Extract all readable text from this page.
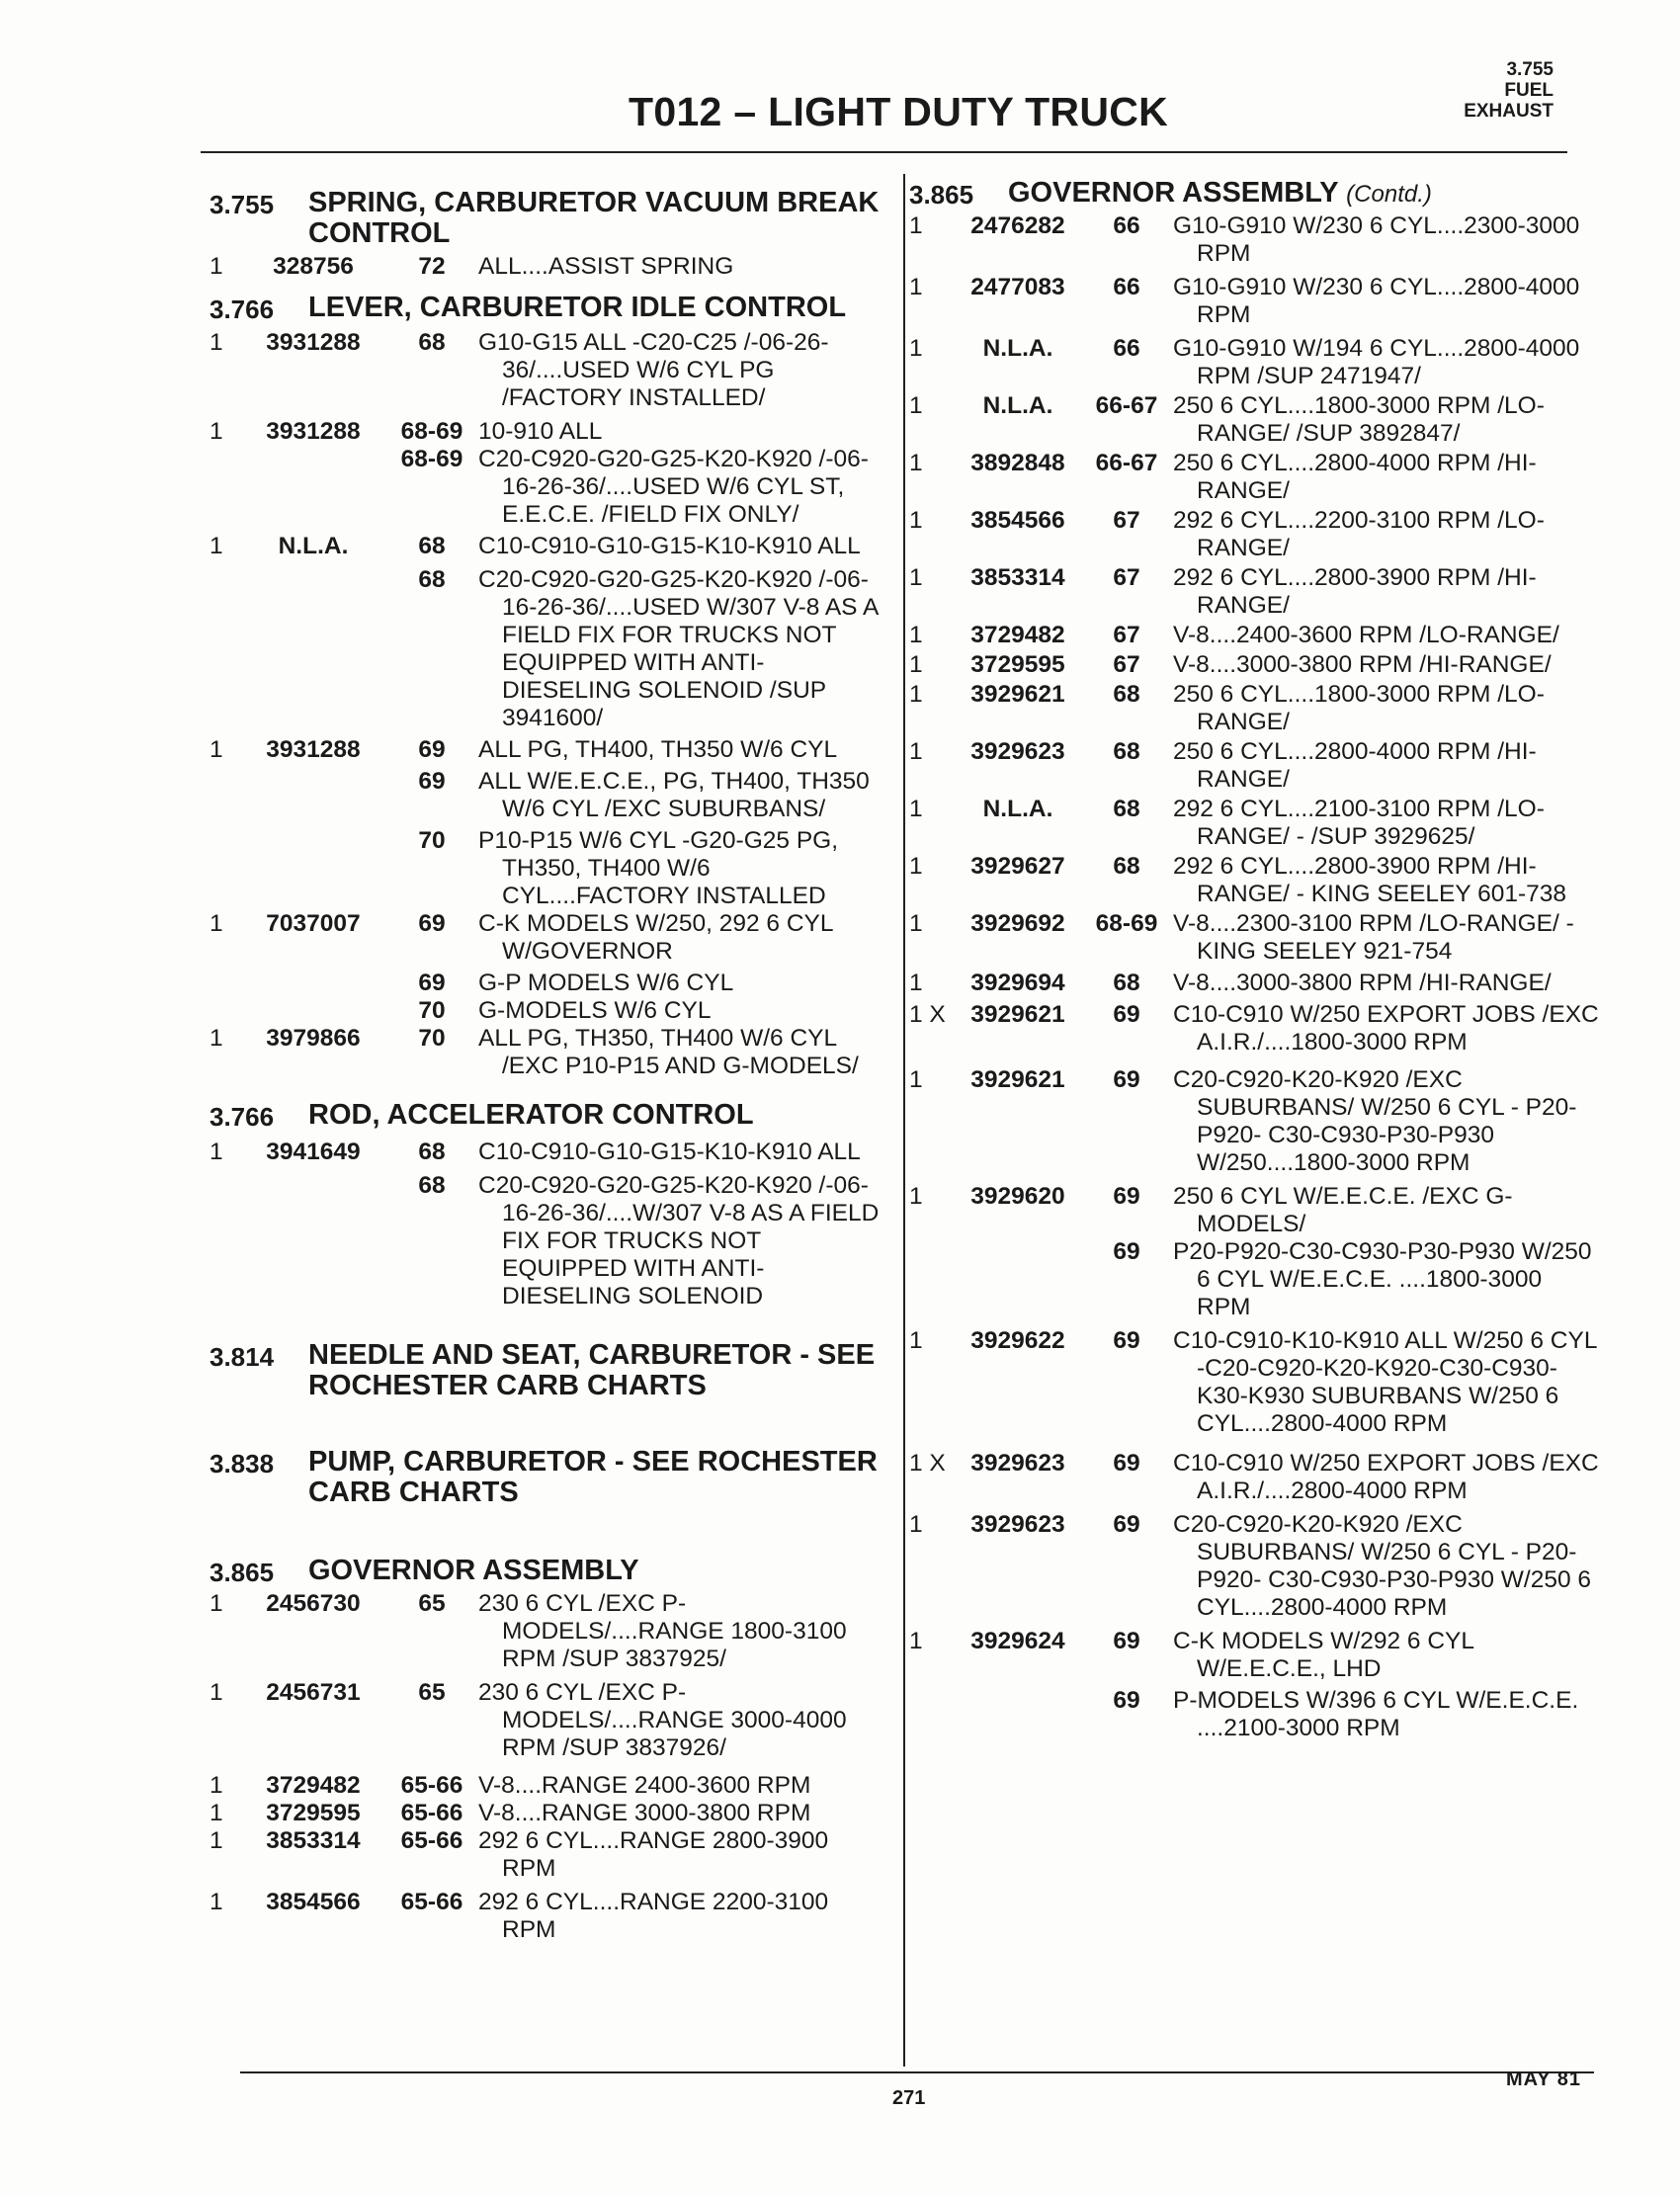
T012 – LIGHT DUTY TRUCK
3.755
FUEL
EXHAUST
3.755	SPRING, CARBURETOR VACUUM BREAK CONTROL
1	328756	72	ALL....ASSIST SPRING
3.766	LEVER, CARBURETOR IDLE CONTROL
1	3931288	68	G10-G15 ALL -C20-C25 /-06-26-36/....USED W/6 CYL PG /FACTORY INSTALLED/
1	3931288	68-69 10-910 ALL
68-69 C20-C920-G20-G25-K20-K920 /-06-16-26-36/....USED W/6 CYL ST, E.E.C.E. /FIELD FIX ONLY/
1	N.L.A.	68	C10-C910-G10-G15-K10-K910 ALL
68	C20-C920-G20-G25-K20-K920 /-06-16-26-36/....USED W/307 V-8 AS A FIELD FIX FOR TRUCKS NOT EQUIPPED WITH ANTI-DIESELING SOLENOID /SUP 3941600/
1	3931288	69	ALL PG, TH400, TH350 W/6 CYL
69	ALL W/E.E.C.E., PG, TH400, TH350 W/6 CYL /EXC SUBURBANS/
70	P10-P15 W/6 CYL -G20-G25 PG, TH350, TH400 W/6 CYL....FACTORY INSTALLED
1	7037007	69	C-K MODELS W/250, 292 6 CYL W/GOVERNOR
69	G-P MODELS W/6 CYL
70	G-MODELS W/6 CYL
1	3979866	70	ALL PG, TH350, TH400 W/6 CYL /EXC P10-P15 AND G-MODELS/
3.766	ROD, ACCELERATOR CONTROL
1	3941649	68	C10-C910-G10-G15-K10-K910 ALL
68	C20-C920-G20-G25-K20-K920 /-06-16-26-36/....W/307 V-8 AS A FIELD FIX FOR TRUCKS NOT EQUIPPED WITH ANTI-DIESELING SOLENOID
3.814	NEEDLE AND SEAT, CARBURETOR - SEE ROCHESTER CARB CHARTS
3.838	PUMP, CARBURETOR - SEE ROCHESTER CARB CHARTS
3.865	GOVERNOR ASSEMBLY
1	2456730	65	230 6 CYL /EXC P-MODELS/....RANGE 1800-3100 RPM /SUP 3837925/
1	2456731	65	230 6 CYL /EXC P-MODELS/....RANGE 3000-4000 RPM /SUP 3837926/
1	3729482	65-66 V-8....RANGE 2400-3600 RPM
1	3729595	65-66 V-8....RANGE 3000-3800 RPM
1	3853314	65-66 292 6 CYL....RANGE 2800-3900 RPM
1	3854566	65-66 292 6 CYL....RANGE 2200-3100 RPM
3.865	GOVERNOR ASSEMBLY (Contd.)
1	2476282	66	G10-G910 W/230 6 CYL....2300-3000 RPM
1	2477083	66	G10-G910 W/230 6 CYL....2800-4000 RPM
1	N.L.A.	66	G10-G910 W/194 6 CYL....2800-4000 RPM /SUP 2471947/
1	N.L.A.	66-67 250 6 CYL....1800-3000 RPM /LO-RANGE/ /SUP 3892847/
1	3892848	66-67 250 6 CYL....2800-4000 RPM /HI-RANGE/
1	3854566	67	292 6 CYL....2200-3100 RPM /LO-RANGE/
1	3853314	67	292 6 CYL....2800-3900 RPM /HI-RANGE/
1	3729482	67	V-8....2400-3600 RPM /LO-RANGE/
1	3729595	67	V-8....3000-3800 RPM /HI-RANGE/
1	3929621	68	250 6 CYL....1800-3000 RPM /LO-RANGE/
1	3929623	68	250 6 CYL....2800-4000 RPM /HI-RANGE/
1	N.L.A.	68	292 6 CYL....2100-3100 RPM /LO-RANGE/ - /SUP 3929625/
1	3929627	68	292 6 CYL....2800-3900 RPM /HI-RANGE/ - KING SEELEY 601-738
1	3929692	68-69 V-8....2300-3100 RPM /LO-RANGE/ - KING SEELEY 921-754
1	3929694	68	V-8....3000-3800 RPM /HI-RANGE/
1 X	3929621	69	C10-C910 W/250 EXPORT JOBS /EXC A.I.R./....1800-3000 RPM
1	3929621	69	C20-C920-K20-K920 /EXC SUBURBANS/ W/250 6 CYL - P20-P920- C30-C930-P30-P930 W/250....1800-3000 RPM
1	3929620	69	250 6 CYL W/E.E.C.E. /EXC G-MODELS/
69	P20-P920-C30-C930-P30-P930 W/250 6 CYL W/E.E.C.E. ....1800-3000 RPM
1	3929622	69	C10-C910-K10-K910 ALL W/250 6 CYL -C20-C920-K20-K920-C30-C930- K30-K930 SUBURBANS W/250 6 CYL....2800-4000 RPM
1 X	3929623	69	C10-C910 W/250 EXPORT JOBS /EXC A.I.R./....2800-4000 RPM
1	3929623	69	C20-C920-K20-K920 /EXC SUBURBANS/ W/250 6 CYL - P20-P920- C30-C930-P30-P930 W/250 6 CYL....2800-4000 RPM
1	3929624	69	C-K MODELS W/292 6 CYL W/E.E.C.E., LHD
69	P-MODELS W/396 6 CYL W/E.E.C.E. ....2100-3000 RPM
271
MAY 81
